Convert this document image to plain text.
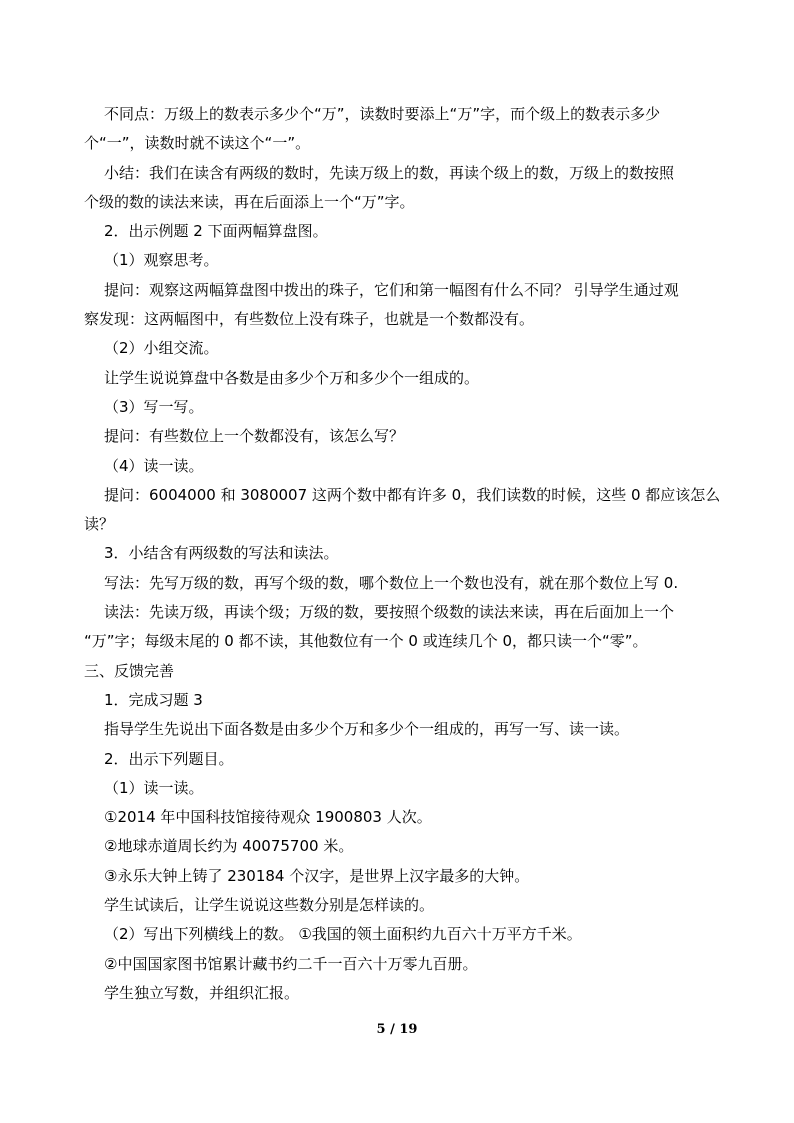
不同点：万级上的数表示多少个“万”，读数时要添上“万”字，而个级上的数表示多少
个“一”，读数时就不读这个“一”。
小结：我们在读含有两级的数时，先读万级上的数，再读个级上的数，万级上的数按照
个级的数的读法来读，再在后面添上一个“万”字。
2．出示例题 2 下面两幅算盘图。
（1）观察思考。
提问：观察这两幅算盘图中拨出的珠子，它们和第一幅图有什么不同？ 引导学生通过观
察发现：这两幅图中，有些数位上没有珠子，也就是一个数都没有。
（2）小组交流。
让学生说说算盘中各数是由多少个万和多少个一组成的。
（3）写一写。
提问：有些数位上一个数都没有，该怎么写？
（4）读一读。
提问：6004000 和 3080007 这两个数中都有许多 0，我们读数的时候，这些 0 都应该怎么
读？
3．小结含有两级数的写法和读法。
写法：先写万级的数，再写个级的数，哪个数位上一个数也没有，就在那个数位上写 0.
读法：先读万级，再读个级；万级的数，要按照个级数的读法来读，再在后面加上一个
“万”字；每级末尾的 0 都不读，其他数位有一个 0 或连续几个 0，都只读一个“零”。
三、反馈完善
1．完成习题 3
指导学生先说出下面各数是由多少个万和多少个一组成的，再写一写、读一读。
2．出示下列题目。
（1）读一读。
①2014 年中国科技馆接待观众 1900803 人次。
②地球赤道周长约为 40075700 米。
③永乐大钟上铸了 230184 个汉字，是世界上汉字最多的大钟。
学生试读后，让学生说说这些数分别是怎样读的。
（2）写出下列横线上的数。 ①我国的领土面积约九百六十万平方千米。
②中国国家图书馆累计藏书约二千一百六十万零九百册。
学生独立写数，并组织汇报。
5 / 19
